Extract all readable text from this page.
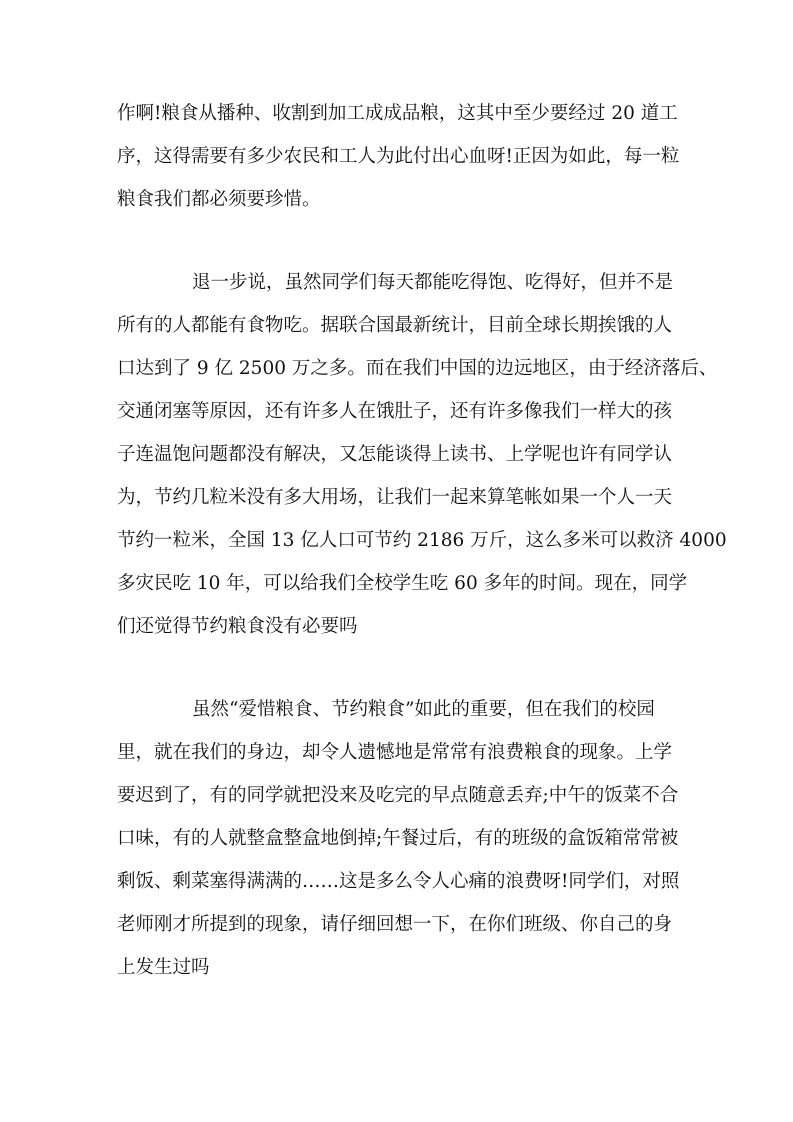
作啊!粮食从播种、收割到加工成成品粮，这其中至少要经过 20 道工
序，这得需要有多少农民和工人为此付出心血呀!正因为如此，每一粒
粮食我们都必须要珍惜。
退一步说，虽然同学们每天都能吃得饱、吃得好，但并不是
所有的人都能有食物吃。据联合国最新统计，目前全球长期挨饿的人
口达到了 9 亿 2500 万之多。而在我们中国的边远地区，由于经济落后、
交通闭塞等原因，还有许多人在饿肚子，还有许多像我们一样大的孩
子连温饱问题都没有解决，又怎能谈得上读书、上学呢也许有同学认
为，节约几粒米没有多大用场，让我们一起来算笔帐如果一个人一天
节约一粒米，全国 13 亿人口可节约 2186 万斤，这么多米可以救济 4000
多灾民吃 10 年，可以给我们全校学生吃 60 多年的时间。现在，同学
们还觉得节约粮食没有必要吗
虽然“爱惜粮食、节约粮食”如此的重要，但在我们的校园
里，就在我们的身边，却令人遗憾地是常常有浪费粮食的现象。上学
要迟到了，有的同学就把没来及吃完的早点随意丢弃;中午的饭菜不合
口味，有的人就整盒整盒地倒掉;午餐过后，有的班级的盒饭箱常常被
剩饭、剩菜塞得满满的……这是多么令人心痛的浪费呀!同学们，对照
老师刚才所提到的现象，请仔细回想一下，在你们班级、你自己的身
上发生过吗
